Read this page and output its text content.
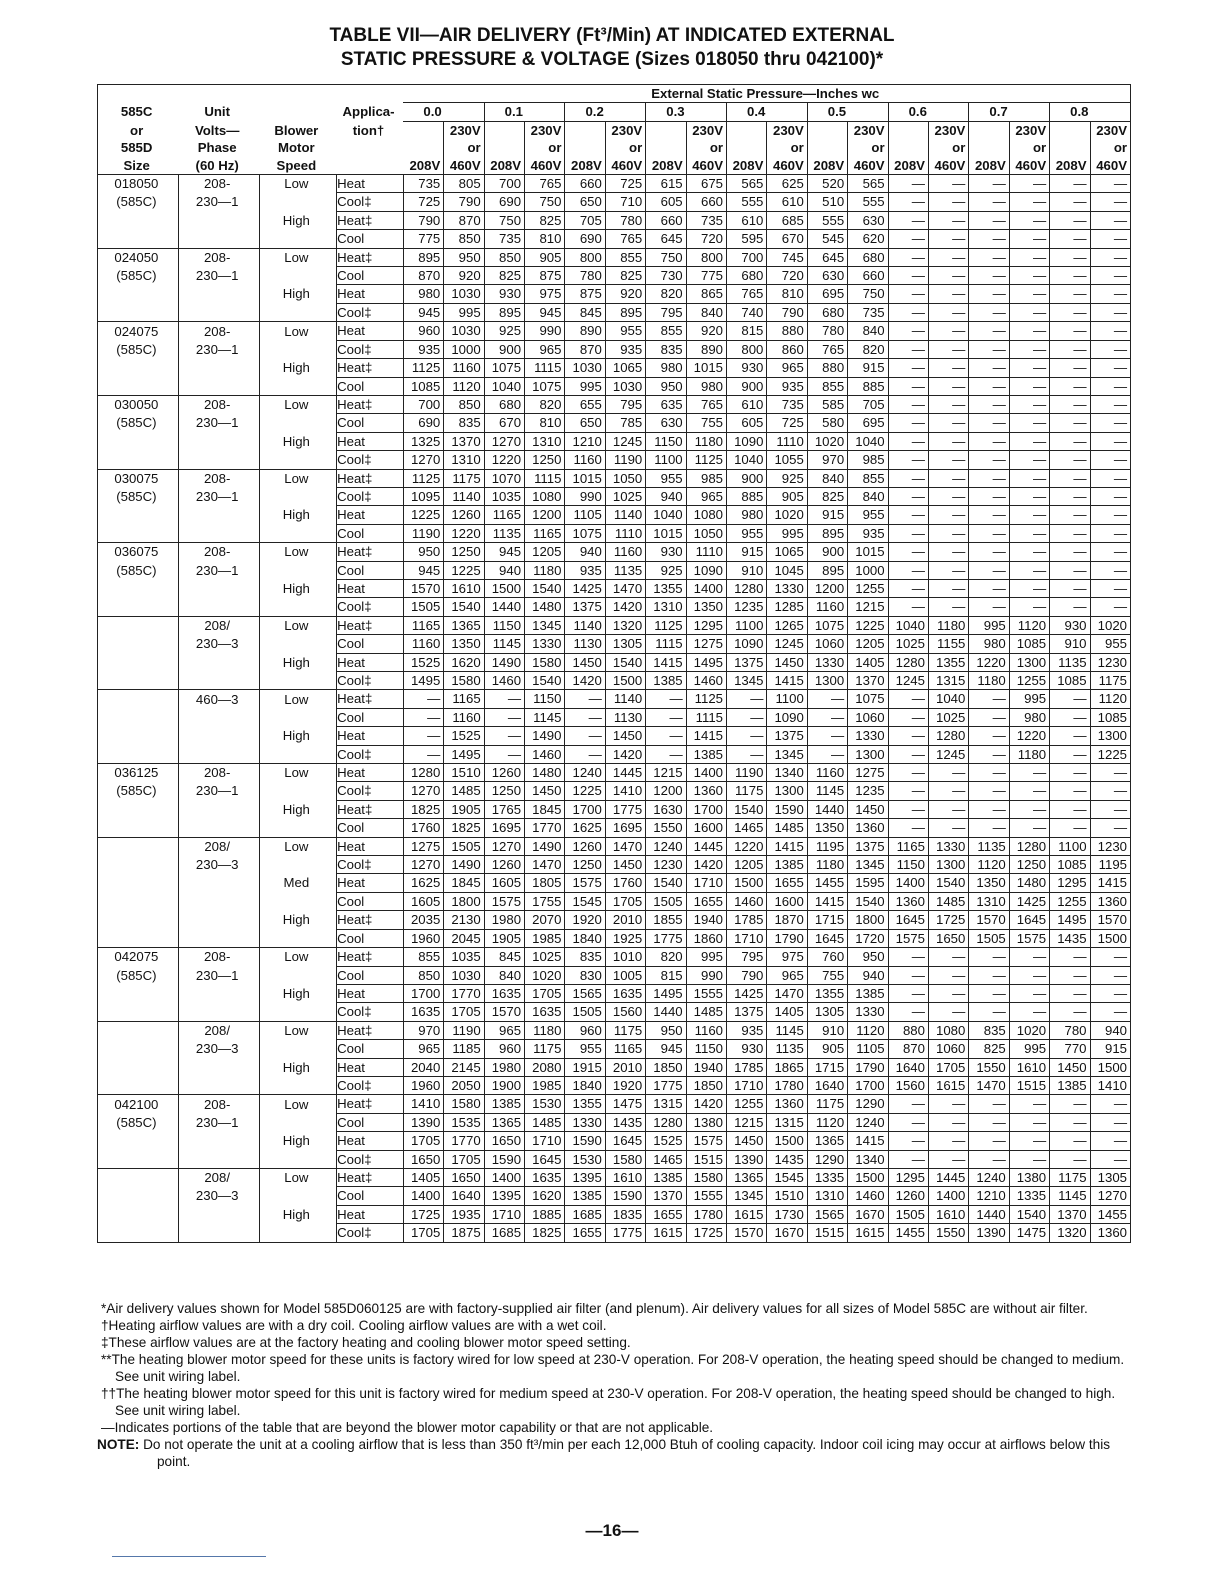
TABLE VII—AIR DELIVERY (Ft³/Min) AT INDICATED EXTERNAL
STATIC PRESSURE & VOLTAGE (Sizes 018050 thru 042100)*
				External Static Pressure—Inches wc																	
585C	Unit		Applica-	0.0		0.1		0.2		0.3		0.4		0.5		0.6		0.7		0.8	
or	Volts—	Blower	tion†		230V		230V		230V		230V		230V		230V		230V		230V		230V
585D	Phase	Motor			or		or		or		or		or		or		or		or		or
Size	(60 Hz)	Speed		208V	460V	208V	460V	208V	460V	208V	460V	208V	460V	208V	460V	208V	460V	208V	460V	208V	460V
018050	208-	Low	Heat	735	805	700	765	660	725	615	675	565	625	520	565	—	—	—	—	—	—
(585C)	230—1		Cool‡	725	790	690	750	650	710	605	660	555	610	510	555	—	—	—	—	—	—
		High	Heat‡	790	870	750	825	705	780	660	735	610	685	555	630	—	—	—	—	—	—
			Cool	775	850	735	810	690	765	645	720	595	670	545	620	—	—	—	—	—	—
024050	208-	Low	Heat‡	895	950	850	905	800	855	750	800	700	745	645	680	—	—	—	—	—	—
(585C)	230—1		Cool	870	920	825	875	780	825	730	775	680	720	630	660	—	—	—	—	—	—
		High	Heat	980	1030	930	975	875	920	820	865	765	810	695	750	—	—	—	—	—	—
			Cool‡	945	995	895	945	845	895	795	840	740	790	680	735	—	—	—	—	—	—
024075	208-	Low	Heat	960	1030	925	990	890	955	855	920	815	880	780	840	—	—	—	—	—	—
(585C)	230—1		Cool‡	935	1000	900	965	870	935	835	890	800	860	765	820	—	—	—	—	—	—
		High	Heat‡	1125	1160	1075	1115	1030	1065	980	1015	930	965	880	915	—	—	—	—	—	—
			Cool	1085	1120	1040	1075	995	1030	950	980	900	935	855	885	—	—	—	—	—	—
030050	208-	Low	Heat‡	700	850	680	820	655	795	635	765	610	735	585	705	—	—	—	—	—	—
(585C)	230—1		Cool	690	835	670	810	650	785	630	755	605	725	580	695	—	—	—	—	—	—
		High	Heat	1325	1370	1270	1310	1210	1245	1150	1180	1090	1110	1020	1040	—	—	—	—	—	—
			Cool‡	1270	1310	1220	1250	1160	1190	1100	1125	1040	1055	970	985	—	—	—	—	—	—
030075	208-	Low	Heat‡	1125	1175	1070	1115	1015	1050	955	985	900	925	840	855	—	—	—	—	—	—
(585C)	230—1		Cool‡	1095	1140	1035	1080	990	1025	940	965	885	905	825	840	—	—	—	—	—	—
		High	Heat	1225	1260	1165	1200	1105	1140	1040	1080	980	1020	915	955	—	—	—	—	—	—
			Cool	1190	1220	1135	1165	1075	1110	1015	1050	955	995	895	935	—	—	—	—	—	—
036075	208-	Low	Heat‡	950	1250	945	1205	940	1160	930	1110	915	1065	900	1015	—	—	—	—	—	—
(585C)	230—1		Cool	945	1225	940	1180	935	1135	925	1090	910	1045	895	1000	—	—	—	—	—	—
		High	Heat	1570	1610	1500	1540	1425	1470	1355	1400	1280	1330	1200	1255	—	—	—	—	—	—
			Cool‡	1505	1540	1440	1480	1375	1420	1310	1350	1235	1285	1160	1215	—	—	—	—	—	—
	208/	Low	Heat‡	1165	1365	1150	1345	1140	1320	1125	1295	1100	1265	1075	1225	1040	1180	995	1120	930	1020
	230—3		Cool	1160	1350	1145	1330	1130	1305	1115	1275	1090	1245	1060	1205	1025	1155	980	1085	910	955
		High	Heat	1525	1620	1490	1580	1450	1540	1415	1495	1375	1450	1330	1405	1280	1355	1220	1300	1135	1230
			Cool‡	1495	1580	1460	1540	1420	1500	1385	1460	1345	1415	1300	1370	1245	1315	1180	1255	1085	1175
	460—3	Low	Heat‡	—	1165	—	1150	—	1140	—	1125	—	1100	—	1075	—	1040	—	995	—	1120
			Cool	—	1160	—	1145	—	1130	—	1115	—	1090	—	1060	—	1025	—	980	—	1085
		High	Heat	—	1525	—	1490	—	1450	—	1415	—	1375	—	1330	—	1280	—	1220	—	1300
			Cool‡	—	1495	—	1460	—	1420	—	1385	—	1345	—	1300	—	1245	—	1180	—	1225
036125	208-	Low	Heat	1280	1510	1260	1480	1240	1445	1215	1400	1190	1340	1160	1275	—	—	—	—	—	—
(585C)	230—1		Cool‡	1270	1485	1250	1450	1225	1410	1200	1360	1175	1300	1145	1235	—	—	—	—	—	—
		High	Heat‡	1825	1905	1765	1845	1700	1775	1630	1700	1540	1590	1440	1450	—	—	—	—	—	—
			Cool	1760	1825	1695	1770	1625	1695	1550	1600	1465	1485	1350	1360	—	—	—	—	—	—
	208/	Low	Heat	1275	1505	1270	1490	1260	1470	1240	1445	1220	1415	1195	1375	1165	1330	1135	1280	1100	1230
	230—3		Cool‡	1270	1490	1260	1470	1250	1450	1230	1420	1205	1385	1180	1345	1150	1300	1120	1250	1085	1195
		Med	Heat	1625	1845	1605	1805	1575	1760	1540	1710	1500	1655	1455	1595	1400	1540	1350	1480	1295	1415
			Cool	1605	1800	1575	1755	1545	1705	1505	1655	1460	1600	1415	1540	1360	1485	1310	1425	1255	1360
		High	Heat‡	2035	2130	1980	2070	1920	2010	1855	1940	1785	1870	1715	1800	1645	1725	1570	1645	1495	1570
			Cool	1960	2045	1905	1985	1840	1925	1775	1860	1710	1790	1645	1720	1575	1650	1505	1575	1435	1500
042075	208-	Low	Heat‡	855	1035	845	1025	835	1010	820	995	795	975	760	950	—	—	—	—	—	—
(585C)	230—1		Cool	850	1030	840	1020	830	1005	815	990	790	965	755	940	—	—	—	—	—	—
		High	Heat	1700	1770	1635	1705	1565	1635	1495	1555	1425	1470	1355	1385	—	—	—	—	—	—
			Cool‡	1635	1705	1570	1635	1505	1560	1440	1485	1375	1405	1305	1330	—	—	—	—	—	—
	208/	Low	Heat‡	970	1190	965	1180	960	1175	950	1160	935	1145	910	1120	880	1080	835	1020	780	940
	230—3		Cool	965	1185	960	1175	955	1165	945	1150	930	1135	905	1105	870	1060	825	995	770	915
		High	Heat	2040	2145	1980	2080	1915	2010	1850	1940	1785	1865	1715	1790	1640	1705	1550	1610	1450	1500
			Cool‡	1960	2050	1900	1985	1840	1920	1775	1850	1710	1780	1640	1700	1560	1615	1470	1515	1385	1410
042100	208-	Low	Heat‡	1410	1580	1385	1530	1355	1475	1315	1420	1255	1360	1175	1290	—	—	—	—	—	—
(585C)	230—1		Cool	1390	1535	1365	1485	1330	1435	1280	1380	1215	1315	1120	1240	—	—	—	—	—	—
		High	Heat	1705	1770	1650	1710	1590	1645	1525	1575	1450	1500	1365	1415	—	—	—	—	—	—
			Cool‡	1650	1705	1590	1645	1530	1580	1465	1515	1390	1435	1290	1340	—	—	—	—	—	—
	208/	Low	Heat‡	1405	1650	1400	1635	1395	1610	1385	1580	1365	1545	1335	1500	1295	1445	1240	1380	1175	1305
	230—3		Cool	1400	1640	1395	1620	1385	1590	1370	1555	1345	1510	1310	1460	1260	1400	1210	1335	1145	1270
		High	Heat	1725	1935	1710	1885	1685	1835	1655	1780	1615	1730	1565	1670	1505	1610	1440	1540	1370	1455
			Cool‡	1705	1875	1685	1825	1655	1775	1615	1725	1570	1670	1515	1615	1455	1550	1390	1475	1320	1360

*Air delivery values shown for Model 585D060125 are with factory-supplied air filter (and plenum). Air delivery values for all sizes of Model 585C are without air filter.

†Heating airflow values are with a dry coil. Cooling airflow values are with a wet coil.

‡These airflow values are at the factory heating and cooling blower motor speed setting.

**The heating blower motor speed for these units is factory wired for low speed at 230-V operation. For 208-V operation, the heating speed should be changed to medium. See unit wiring label.

††The heating blower motor speed for this unit is factory wired for medium speed at 230-V operation. For 208-V operation, the heating speed should be changed to high. See unit wiring label.

—Indicates portions of the table that are beyond the blower motor capability or that are not applicable.

NOTE: Do not operate the unit at a cooling airflow that is less than 350 ft³/min per each 12,000 Btuh of cooling capacity. Indoor coil icing may occur at airflows below this point.

—16—
